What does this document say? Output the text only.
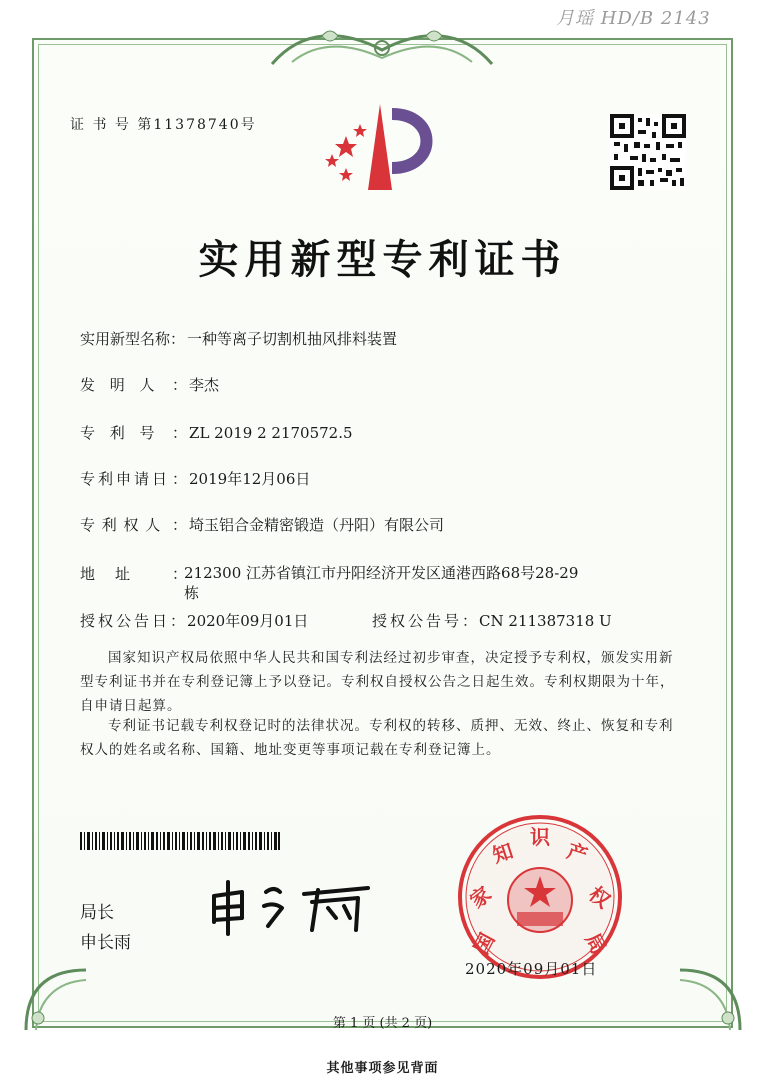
月瑶 HD/B 2143
证 书 号 第11378740号
实用新型专利证书
实用新型名称： 一种等离子切割机抽风排料装置
发 明 人 ： 李杰
专 利 号 ： ZL 2019 2 2170572.5
专利申请日 ： 2019年12月06日
专 利 权 人 ： 埼玉铝合金精密锻造（丹阳）有限公司
地址 ：
212300 江苏省镇江市丹阳经济开发区通港西路68号28-29栋
授权公告日： 2020年09月01日	授权公告号： CN 211387318 U
国家知识产权局依照中华人民共和国专利法经过初步审查，决定授予专利权，颁发实用新型专利证书并在专利登记簿上予以登记。专利权自授权公告之日起生效。专利权期限为十年，自申请日起算。
专利证书记载专利权登记时的法律状况。专利权的转移、质押、无效、终止、恢复和专利权人的姓名或名称、国籍、地址变更等事项记载在专利登记簿上。
局长
申长雨	国
家
知
识
产
权
局
2020年09月01日
第 1 页 (共 2 页)
其他事项参见背面
